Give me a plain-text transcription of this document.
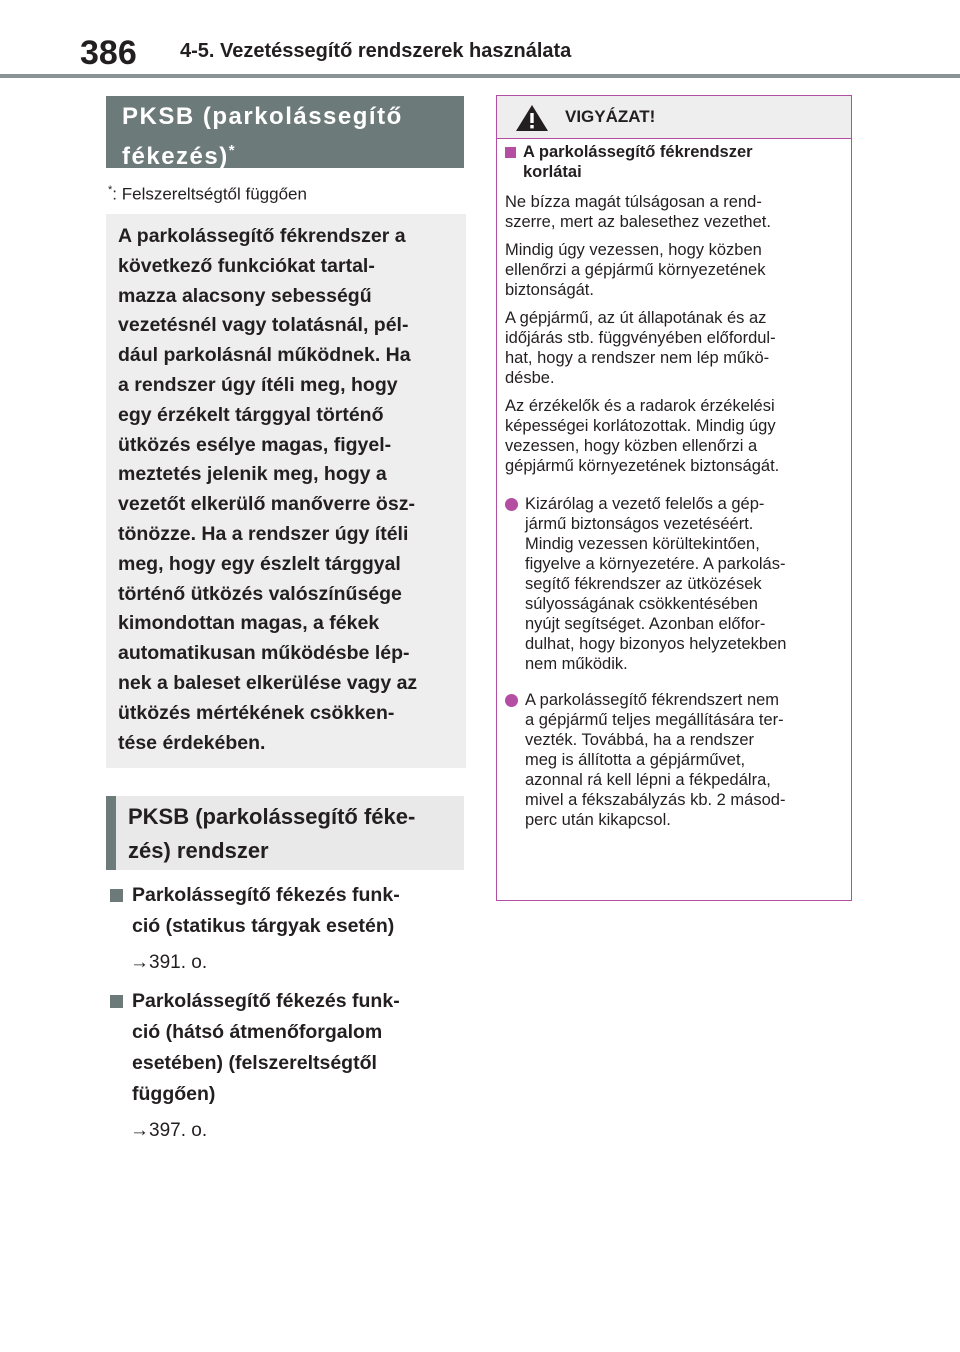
386 4-5. Vezetéssegítő rendszerek használata
PKSB (parkolássegítő
fékezés)*
*: Felszereltségtől függően
A parkolássegítő fékrendszer a
következő funkciókat tartal-
mazza alacsony sebességű
vezetésnél vagy tolatásnál, pél-
dául parkolásnál működnek. Ha
a rendszer úgy ítéli meg, hogy
egy érzékelt tárggyal történő
ütközés esélye magas, figyel-
meztetés jelenik meg, hogy a
vezetőt elkerülő manőverre ösz-
tönözze. Ha a rendszer úgy ítéli
meg, hogy egy észlelt tárggyal
történő ütközés valószínűsége
kimondottan magas, a fékek
automatikusan működésbe lép-
nek a baleset elkerülése vagy az
ütközés mértékének csökken-
tése érdekében.
PKSB (parkolássegítő féke-
zés) rendszer
Parkolássegítő fékezés funk-
ció (statikus tárgyak esetén)
→391. o.
Parkolássegítő fékezés funk-
ció (hátsó átmenőforgalom
esetében) (felszereltségtől
függően)
→397. o.
VIGYÁZAT!
A parkolássegítő fékrendszer
korlátai
Ne bízza magát túlságosan a rend-
szerre, mert az balesethez vezethet.
Mindig úgy vezessen, hogy közben
ellenőrzi a gépjármű környezetének
biztonságát.
A gépjármű, az út állapotának és az
időjárás stb. függvényében előfordul-
hat, hogy a rendszer nem lép műkö-
désbe.
Az érzékelők és a radarok érzékelési
képességei korlátozottak. Mindig úgy
vezessen, hogy közben ellenőrzi a
gépjármű környezetének biztonságát.
Kizárólag a vezető felelős a gép-
jármű biztonságos vezetéséért.
Mindig vezessen körültekintően,
figyelve a környezetére. A parkolás-
segítő fékrendszer az ütközések
súlyosságának csökkentésében
nyújt segítséget. Azonban előfor-
dulhat, hogy bizonyos helyzetekben
nem működik.
A parkolássegítő fékrendszert nem
a gépjármű teljes megállítására ter-
vezték. Továbbá, ha a rendszer
meg is állította a gépjárművet,
azonnal rá kell lépni a fékpedálra,
mivel a fékszabályzás kb. 2 másod-
perc után kikapcsol.
